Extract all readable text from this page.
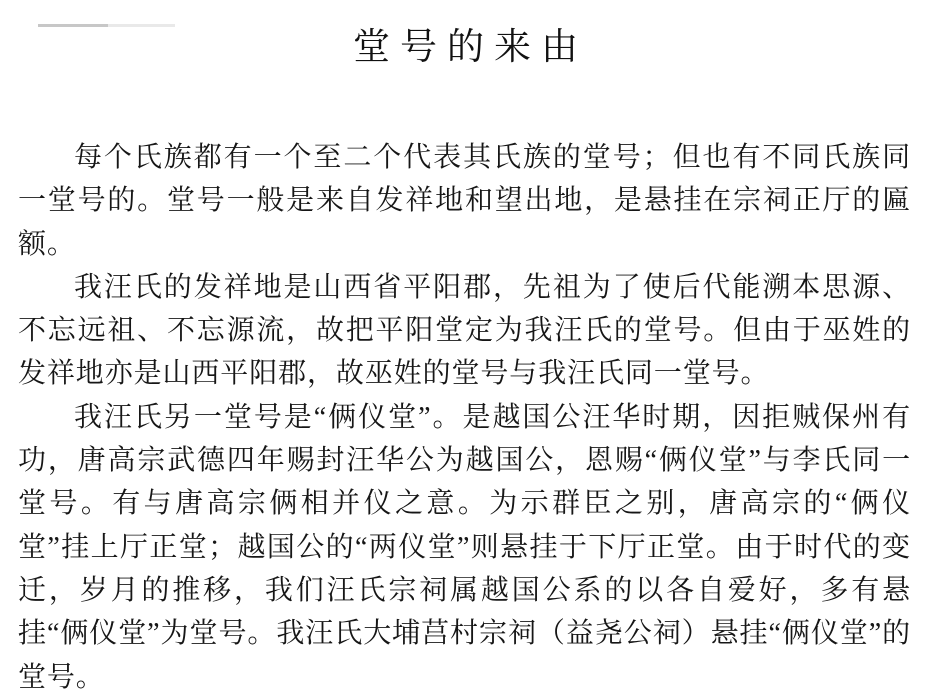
堂号的来由

每个氏族都有一个至二个代表其氏族的堂号；但也有不同氏族同一堂号的。堂号一般是来自发祥地和望出地，是悬挂在宗祠正厅的匾额。

我汪氏的发祥地是山西省平阳郡，先祖为了使后代能溯本思源、不忘远祖、不忘源流，故把平阳堂定为我汪氏的堂号。但由于巫姓的发祥地亦是山西平阳郡，故巫姓的堂号与我汪氏同一堂号。

我汪氏另一堂号是“俩仪堂”。是越国公汪华时期，因拒贼保州有功，唐高宗武德四年赐封汪华公为越国公，恩赐“俩仪堂”与李氏同一堂号。有与唐高宗俩相并仪之意。为示群臣之别，唐高宗的“俩仪堂”挂上厅正堂；越国公的“两仪堂”则悬挂于下厅正堂。由于时代的变迁，岁月的推移，我们汪氏宗祠属越国公系的以各自爱好，多有悬挂“俩仪堂”为堂号。我汪氏大埔莒村宗祠（益尧公祠）悬挂“俩仪堂”的堂号。
